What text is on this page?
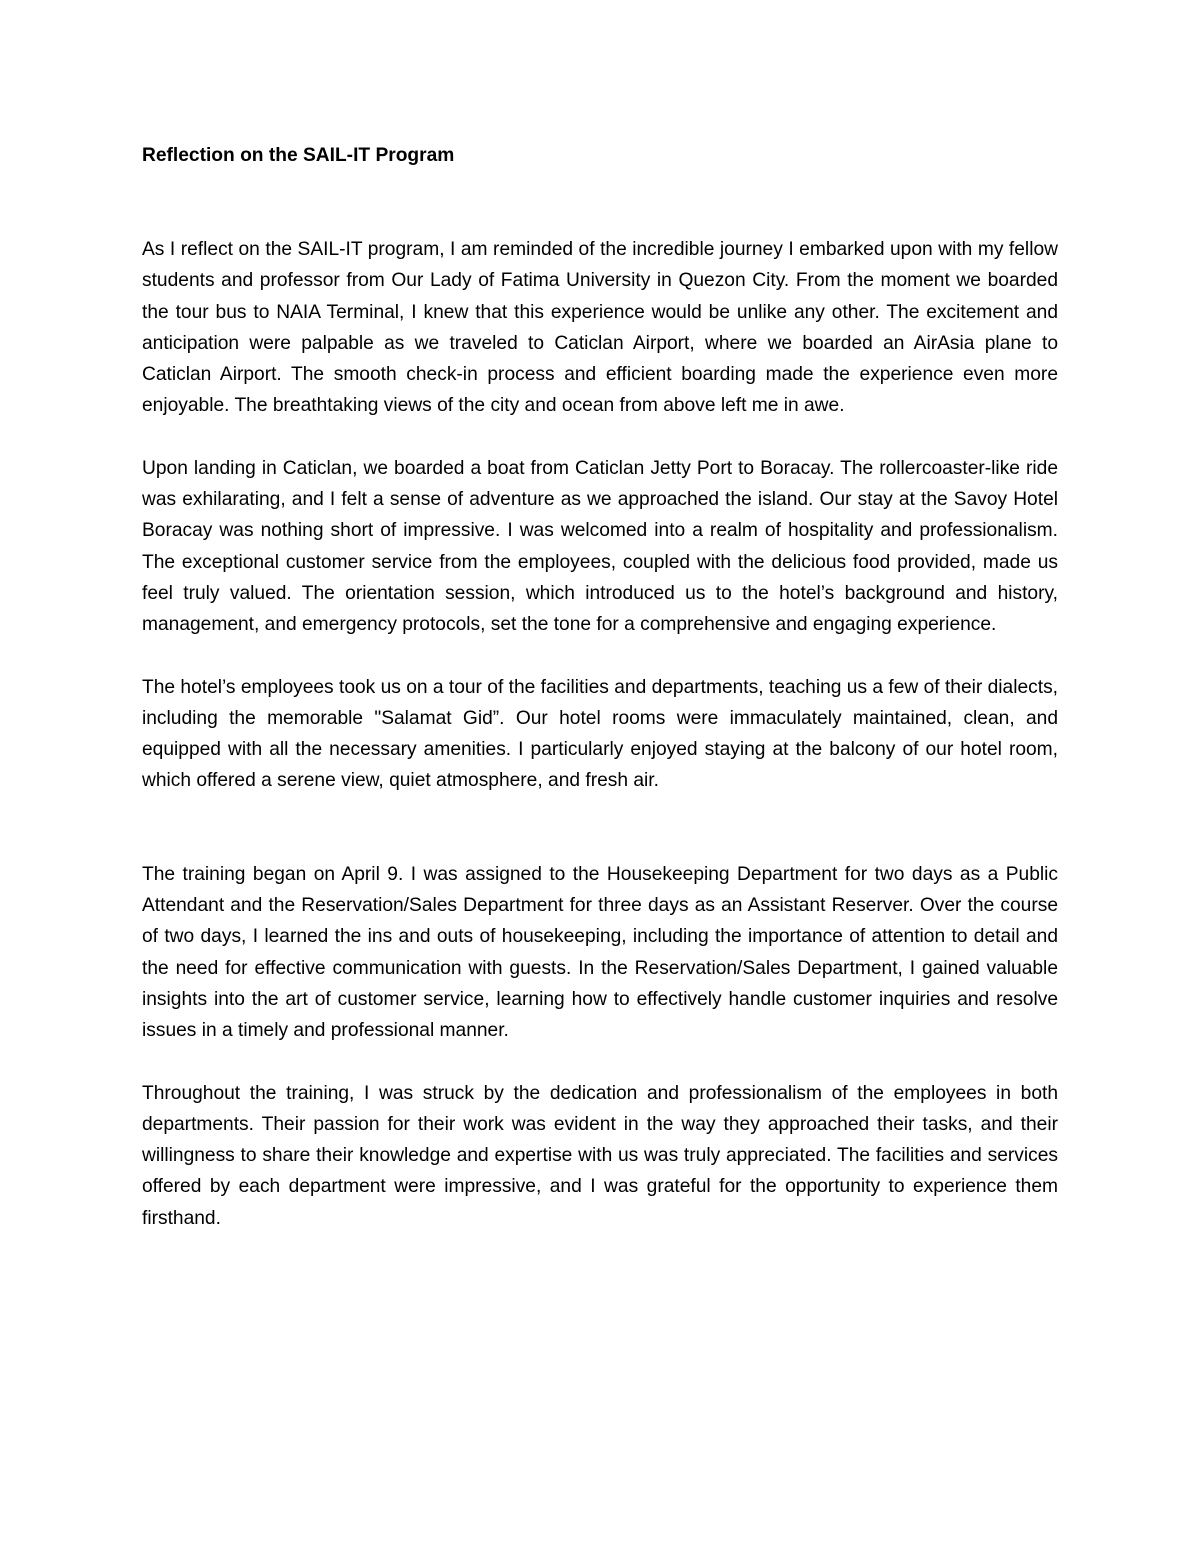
Reflection on the SAIL-IT Program

As I reflect on the SAIL-IT program, I am reminded of the incredible journey I embarked upon with my fellow students and professor from Our Lady of Fatima University in Quezon City. From the moment we boarded the tour bus to NAIA Terminal, I knew that this experience would be unlike any other. The excitement and anticipation were palpable as we traveled to Caticlan Airport, where we boarded an AirAsia plane to Caticlan Airport. The smooth check-in process and efficient boarding made the experience even more enjoyable. The breathtaking views of the city and ocean from above left me in awe.

Upon landing in Caticlan, we boarded a boat from Caticlan Jetty Port to Boracay. The rollercoaster-like ride was exhilarating, and I felt a sense of adventure as we approached the island. Our stay at the Savoy Hotel Boracay was nothing short of impressive. I was welcomed into a realm of hospitality and professionalism. The exceptional customer service from the employees, coupled with the delicious food provided, made us feel truly valued. The orientation session, which introduced us to the hotel’s background and history, management, and emergency protocols, set the tone for a comprehensive and engaging experience.

The hotel’s employees took us on a tour of the facilities and departments, teaching us a few of their dialects, including the memorable "Salamat Gid”. Our hotel rooms were immaculately maintained, clean, and equipped with all the necessary amenities. I particularly enjoyed staying at the balcony of our hotel room, which offered a serene view, quiet atmosphere, and fresh air.

The training began on April 9. I was assigned to the Housekeeping Department for two days as a Public Attendant and the Reservation/Sales Department for three days as an Assistant Reserver. Over the course of two days, I learned the ins and outs of housekeeping, including the importance of attention to detail and the need for effective communication with guests. In the Reservation/Sales Department, I gained valuable insights into the art of customer service, learning how to effectively handle customer inquiries and resolve issues in a timely and professional manner.

Throughout the training, I was struck by the dedication and professionalism of the employees in both departments. Their passion for their work was evident in the way they approached their tasks, and their willingness to share their knowledge and expertise with us was truly appreciated. The facilities and services offered by each department were impressive, and I was grateful for the opportunity to experience them firsthand.
